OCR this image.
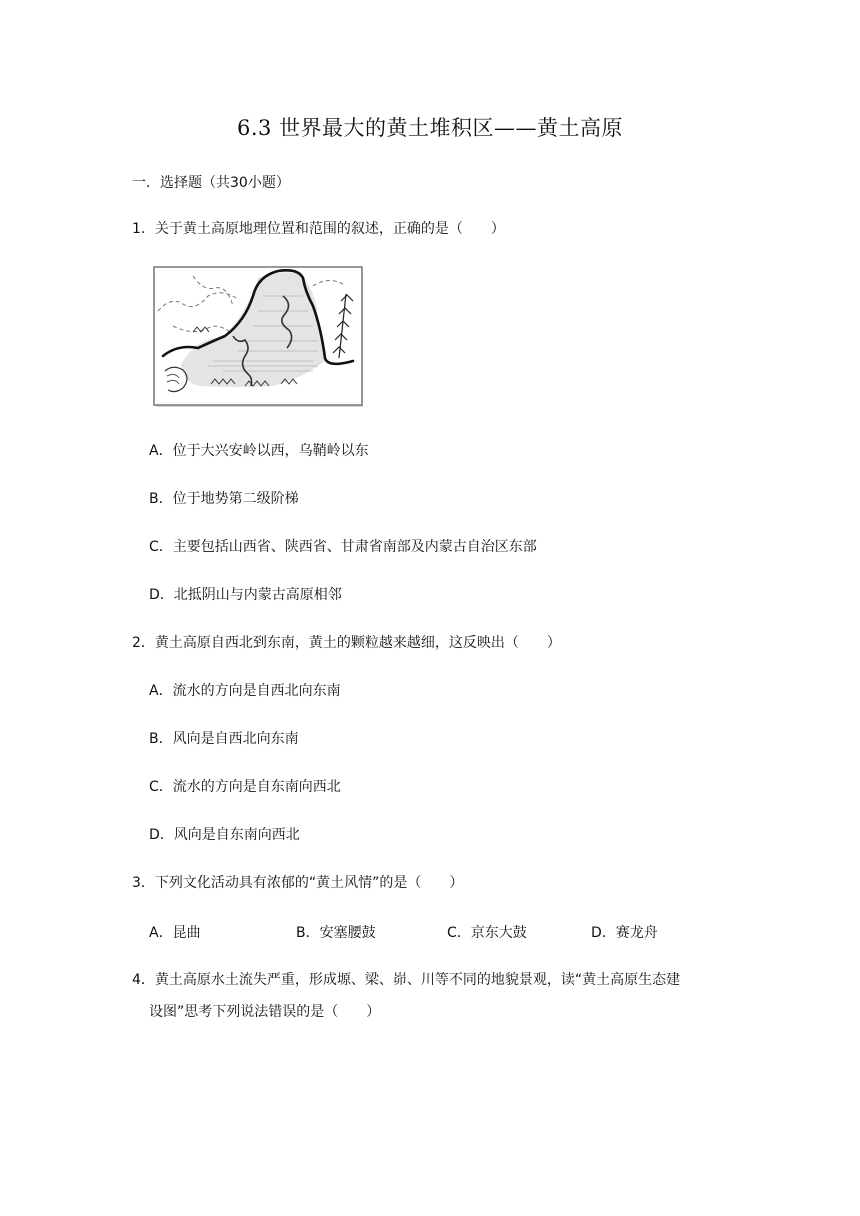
6.3 世界最大的黄土堆积区——黄土高原
一．选择题（共30小题）
1．关于黄土高原地理位置和范围的叙述，正确的是（　　）
A．位于大兴安岭以西，乌鞘岭以东
B．位于地势第二级阶梯
C．主要包括山西省、陕西省、甘肃省南部及内蒙古自治区东部
D．北抵阴山与内蒙古高原相邻
2．黄土高原自西北到东南，黄土的颗粒越来越细，这反映出（　　）
A．流水的方向是自西北向东南
B．风向是自西北向东南
C．流水的方向是自东南向西北
D．风向是自东南向西北
3．下列文化活动具有浓郁的“黄土风情”的是（　　）
A．昆曲	B．安塞腰鼓	C．京东大鼓	D．赛龙舟
4．黄土高原水土流失严重，形成塬、梁、峁、川等不同的地貌景观，读“黄土高原生态建
设图”思考下列说法错误的是（　　）
